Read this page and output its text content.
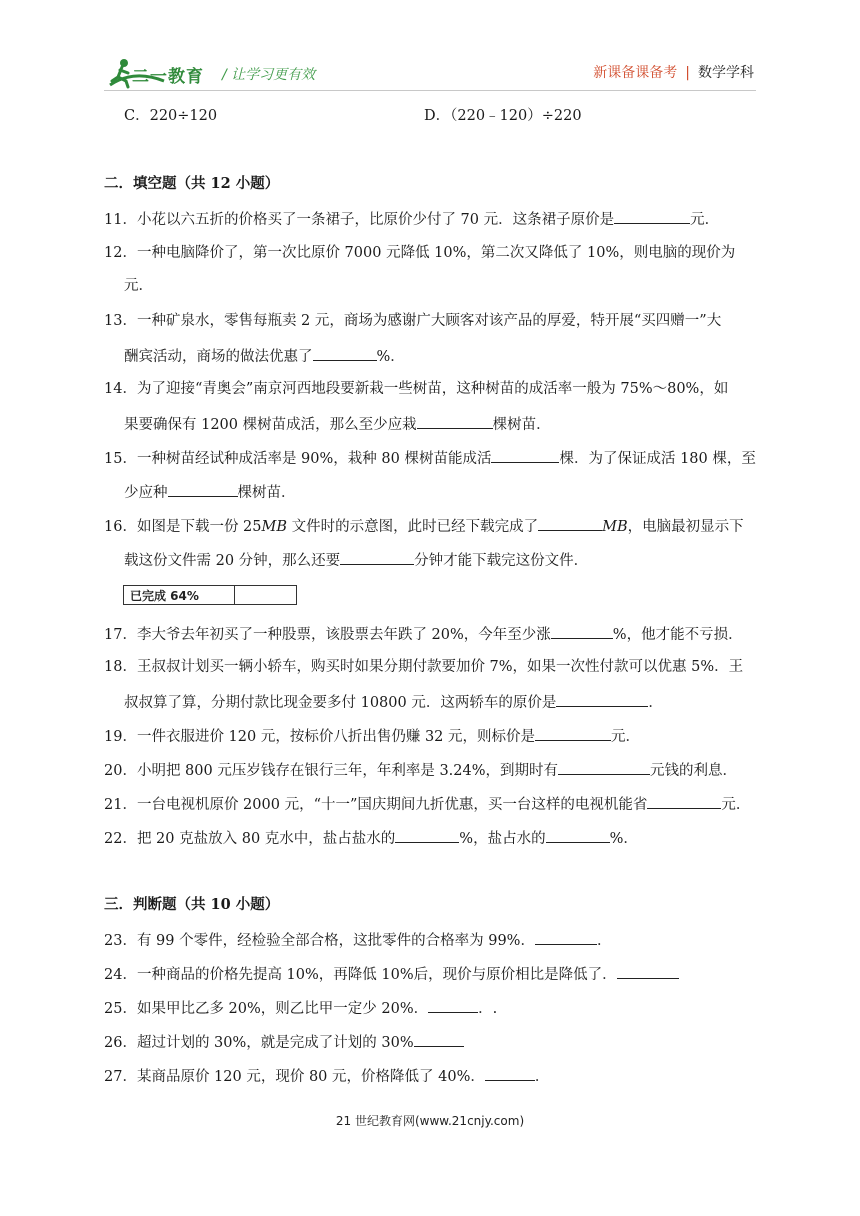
二一教育 / 让学习更有效	新课备课备考 | 数学学科
C．220÷120	D．（220﹣120）÷220
二．填空题（共 12 小题）
11．小花以六五折的价格买了一条裙子，比原价少付了 70 元．这条裙子原价是	元．
12．一种电脑降价了，第一次比原价 7000 元降低 10%，第二次又降低了 10%，则电脑的现价为
元．
13．一种矿泉水，零售每瓶卖 2 元，商场为感谢广大顾客对该产品的厚爱，特开展“买四赠一”大
酬宾活动，商场的做法优惠了	%．
14．为了迎接“青奥会”南京河西地段要新栽一些树苗，这种树苗的成活率一般为 75%～80%，如
果要确保有 1200 棵树苗成活，那么至少应栽	棵树苗．
15．一种树苗经试种成活率是 90%，栽种 80 棵树苗能成活	棵．为了保证成活 180 棵，至
少应种	棵树苗．
16．如图是下载一份 25MB 文件时的示意图，此时已经下载完成了	MB，电脑最初显示下
载这份文件需 20 分钟，那么还要	分钟才能下载完这份文件．
已完成 64%
17．李大爷去年初买了一种股票，该股票去年跌了 20%，今年至少涨	%，他才能不亏损．
18．王叔叔计划买一辆小轿车，购买时如果分期付款要加价 7%，如果一次性付款可以优惠 5%．王
叔叔算了算，分期付款比现金要多付 10800 元．这两轿车的原价是	．
19．一件衣服进价 120 元，按标价八折出售仍赚 32 元，则标价是	元．
20．小明把 800 元压岁钱存在银行三年，年利率是 3.24%，到期时有	元钱的利息．
21．一台电视机原价 2000 元，“十一”国庆期间九折优惠，买一台这样的电视机能省	元．
22．把 20 克盐放入 80 克水中，盐占盐水的	%，盐占水的	%．
三．判断题（共 10 小题）
23．有 99 个零件，经检验全部合格，这批零件的合格率为 99%．	．
24．一种商品的价格先提高 10%，再降低 10%后，现价与原价相比是降低了．
25．如果甲比乙多 20%，则乙比甲一定少 20%．	．.
26．超过计划的 30%，就是完成了计划的 30%
27．某商品原价 120 元，现价 80 元，价格降低了 40%．	．
21 世纪教育网(www.21cnjy.com)
